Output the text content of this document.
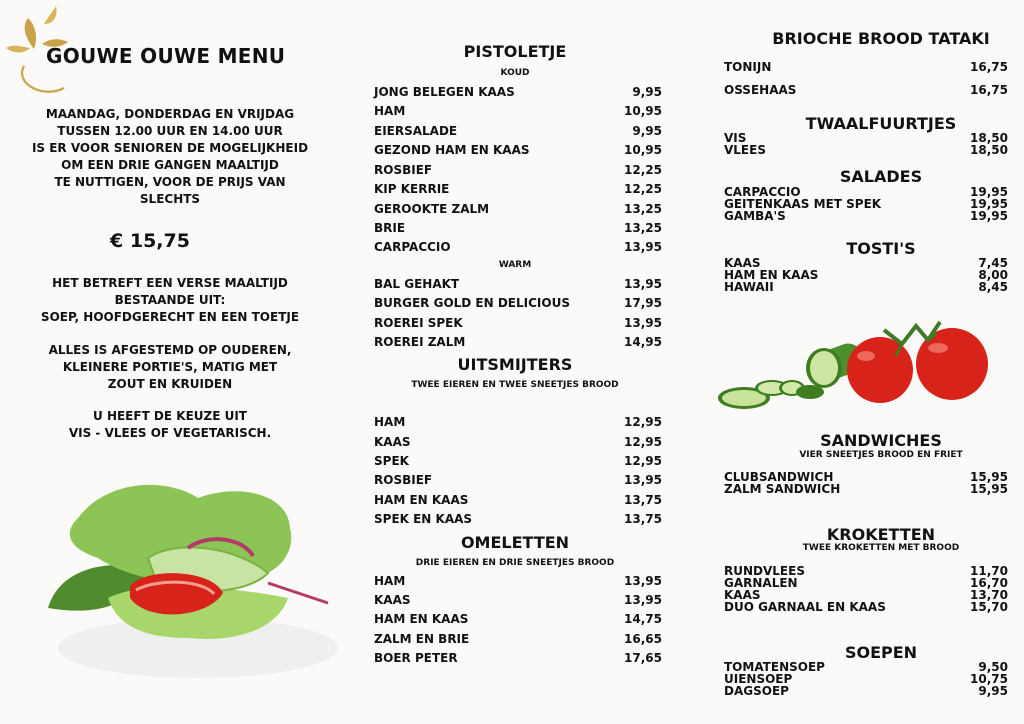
GOUWE OUWE MENU
MAANDAG, DONDERDAG EN VRIJDAG
TUSSEN 12.00 UUR EN 14.00 UUR
IS ER VOOR SENIOREN DE MOGELIJKHEID
OM EEN DRIE GANGEN MAALTIJD
TE NUTTIGEN, VOOR DE PRIJS VAN
SLECHTS
€ 15,75
HET BETREFT EEN VERSE MAALTIJD
BESTAANDE UIT:
SOEP, HOOFDGERECHT EN EEN TOETJE
ALLES IS AFGESTEMD OP OUDEREN,
KLEINERE PORTIE'S, MATIG MET
ZOUT EN KRUIDEN
U HEEFT DE KEUZE UIT
VIS - VLEES OF VEGETARISCH.
PISTOLETJE
KOUD
JONG BELEGEN KAAS	9,95
HAM	10,95
EIERSALADE	9,95
GEZOND HAM EN KAAS	10,95
ROSBIEF	12,25
KIP KERRIE	12,25
GEROOKTE ZALM	13,25
BRIE	13,25
CARPACCIO	13,95
WARM
BAL GEHAKT	13,95
BURGER GOLD EN DELICIOUS	17,95
ROEREI SPEK	13,95
ROEREI ZALM	14,95
UITSMIJTERS
TWEE EIEREN EN TWEE SNEETJES BROOD
HAM	12,95
KAAS	12,95
SPEK	12,95
ROSBIEF	13,95
HAM EN KAAS	13,75
SPEK EN KAAS	13,75
OMELETTEN
DRIE EIEREN EN DRIE SNEETJES BROOD
HAM	13,95
KAAS	13,95
HAM EN KAAS	14,75
ZALM EN BRIE	16,65
BOER PETER	17,65
BRIOCHE BROOD TATAKI
TONIJN	16,75
OSSEHAAS	16,75
TWAALFUURTJES
VIS	18,50
VLEES	18,50
SALADES
CARPACCIO	19,95
GEITENKAAS MET SPEK	19,95
GAMBA'S	19,95
TOSTI'S
KAAS	7,45
HAM EN KAAS	8,00
HAWAII	8,45
SANDWICHES
VIER SNEETJES BROOD EN FRIET
CLUBSANDWICH	15,95
ZALM SANDWICH	15,95
KROKETTEN
TWEE KROKETTEN MET BROOD
RUNDVLEES	11,70
GARNALEN	16,70
KAAS	13,70
DUO GARNAAL EN KAAS	15,70
SOEPEN
TOMATENSOEP	9,50
UIENSOEP	10,75
DAGSOEP	9,95
